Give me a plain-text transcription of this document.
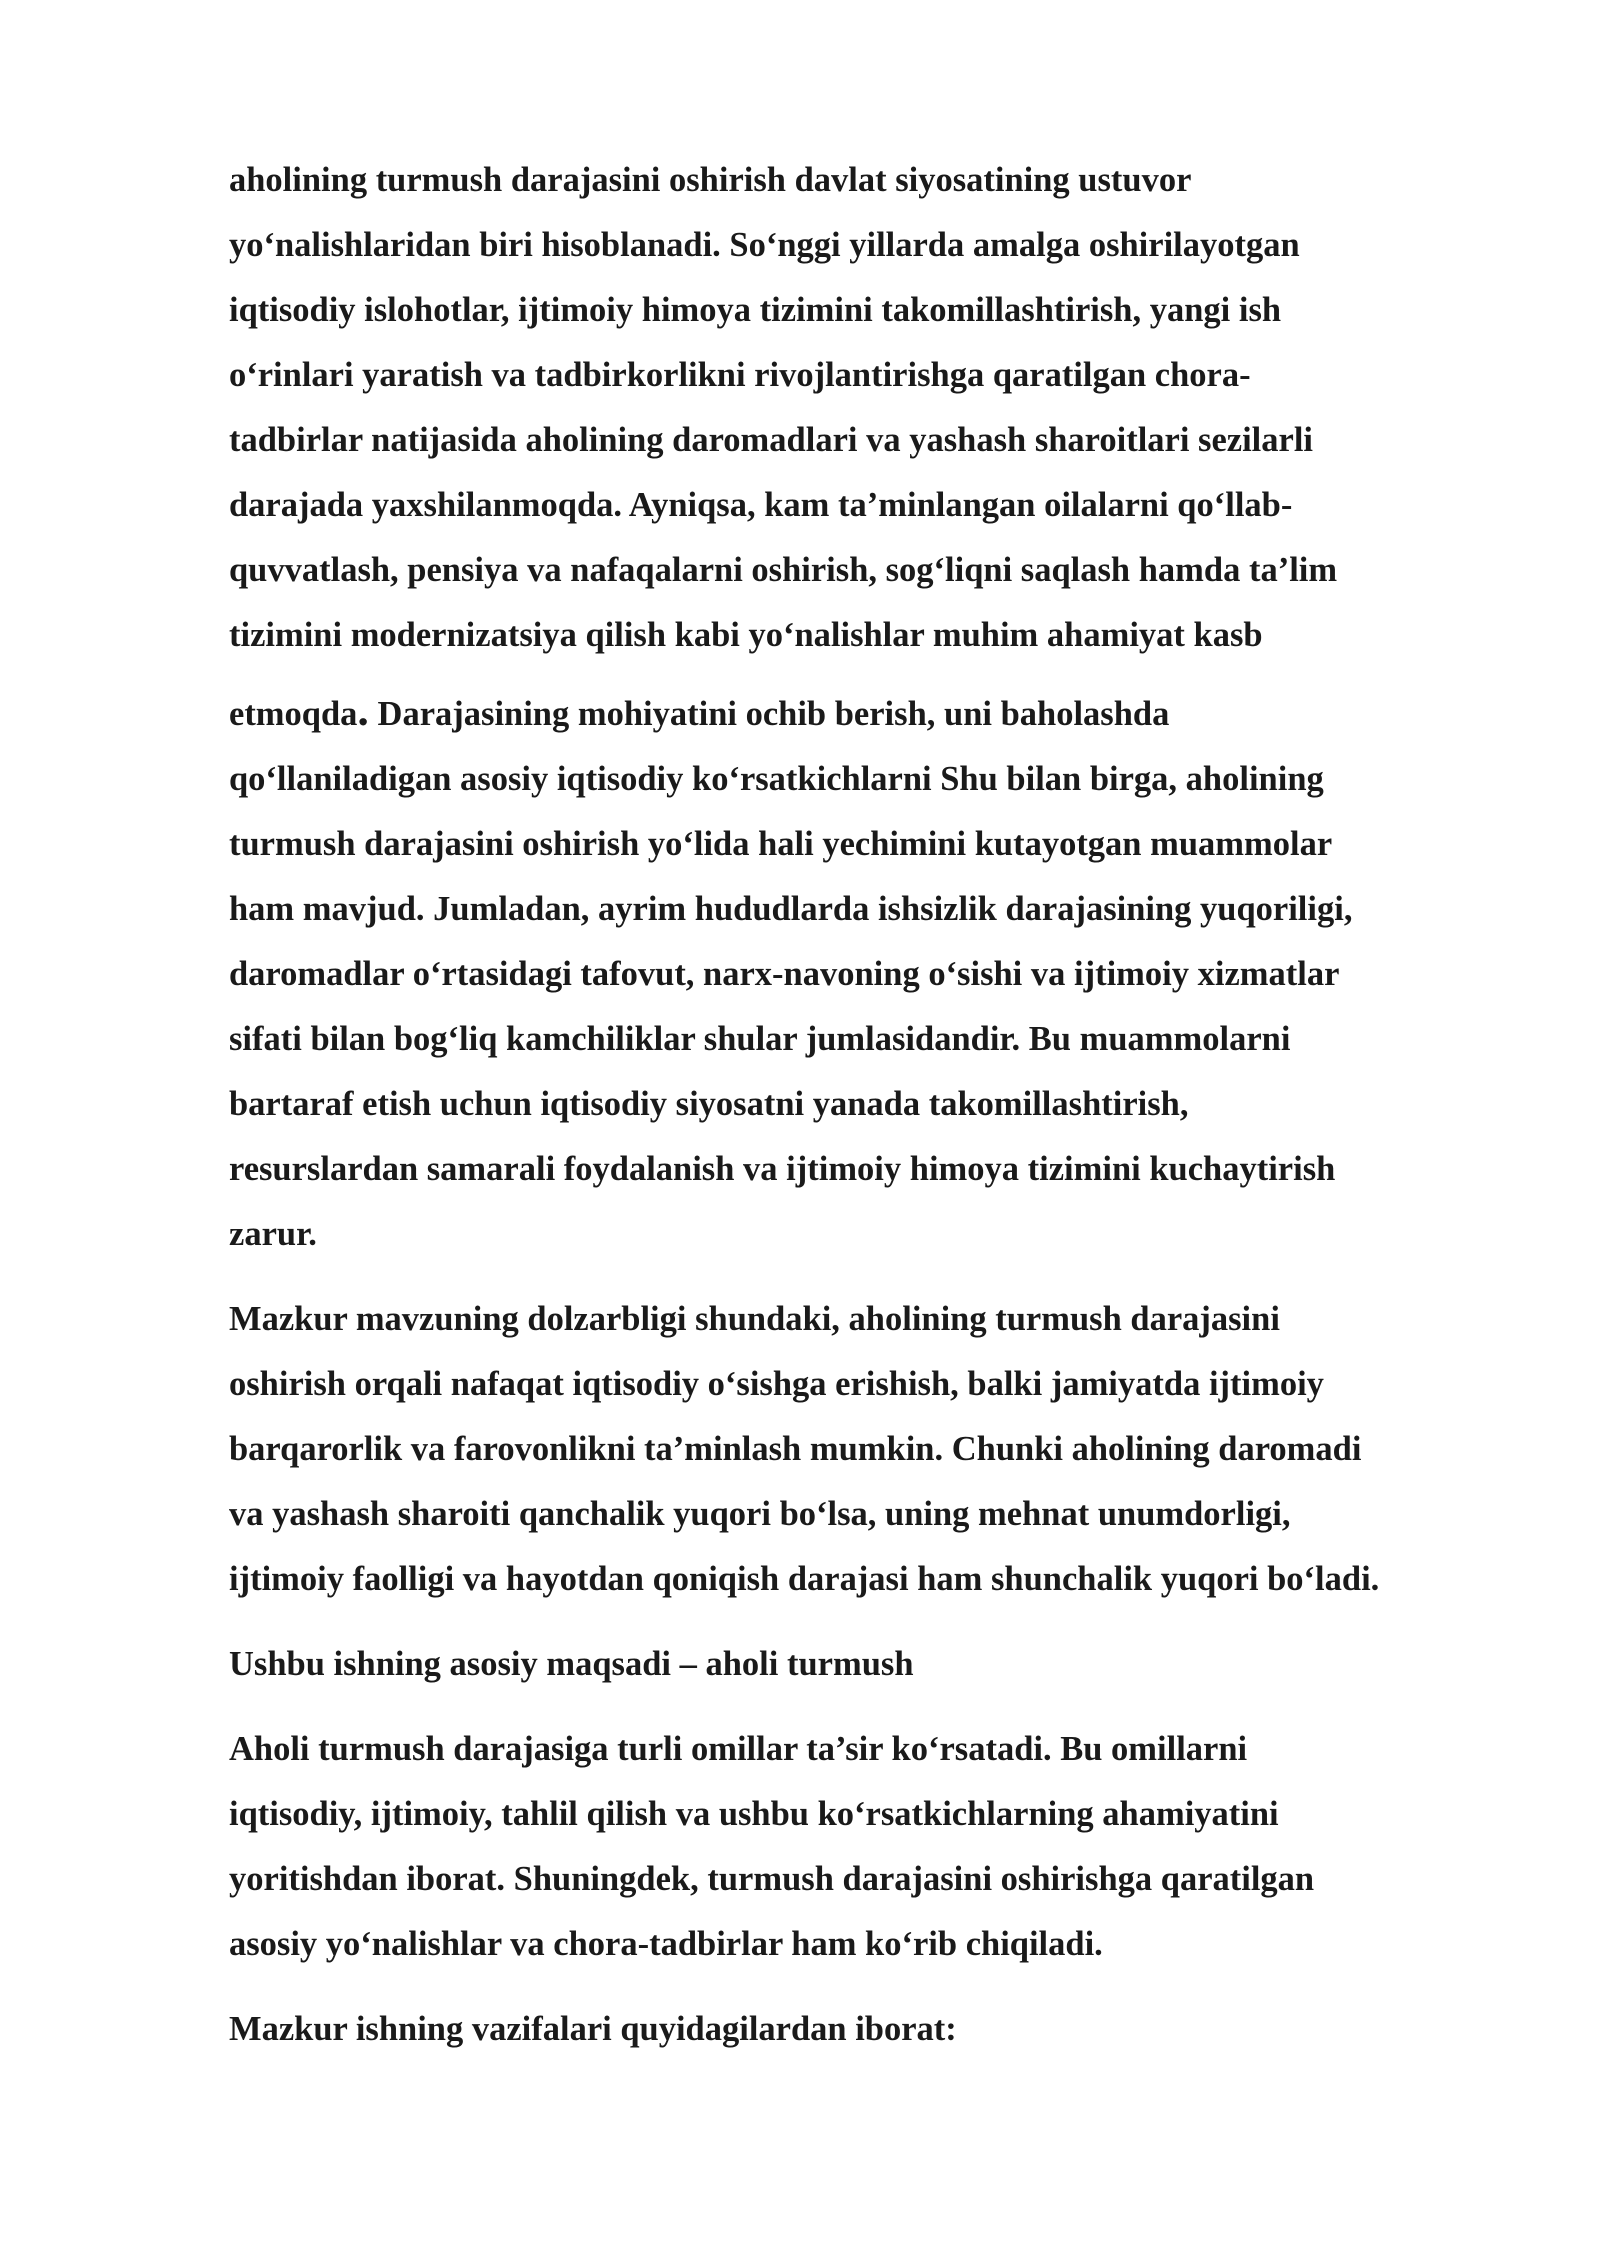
aholining turmush darajasini oshirish davlat siyosatining ustuvor
yo‘nalishlaridan biri hisoblanadi. So‘nggi yillarda amalga oshirilayotgan
iqtisodiy islohotlar, ijtimoiy himoya tizimini takomillashtirish, yangi ish
o‘rinlari yaratish va tadbirkorlikni rivojlantirishga qaratilgan chora-
tadbirlar natijasida aholining daromadlari va yashash sharoitlari sezilarli
darajada yaxshilanmoqda. Ayniqsa, kam ta’minlangan oilalarni qo‘llab-
quvvatlash, pensiya va nafaqalarni oshirish, sog‘liqni saqlash hamda ta’lim
tizimini modernizatsiya qilish kabi yo‘nalishlar muhim ahamiyat kasb
etmoqda. Darajasining mohiyatini ochib berish, uni baholashda
qo‘llaniladigan asosiy iqtisodiy ko‘rsatkichlarni Shu bilan birga, aholining
turmush darajasini oshirish yo‘lida hali yechimini kutayotgan muammolar
ham mavjud. Jumladan, ayrim hududlarda ishsizlik darajasining yuqoriligi,
daromadlar o‘rtasidagi tafovut, narx-navoning o‘sishi va ijtimoiy xizmatlar
sifati bilan bog‘liq kamchiliklar shular jumlasidandir. Bu muammolarni
bartaraf etish uchun iqtisodiy siyosatni yanada takomillashtirish,
resurslardan samarali foydalanish va ijtimoiy himoya tizimini kuchaytirish
zarur.
Mazkur mavzuning dolzarbligi shundaki, aholining turmush darajasini
oshirish orqali nafaqat iqtisodiy o‘sishga erishish, balki jamiyatda ijtimoiy
barqarorlik va farovonlikni ta’minlash mumkin. Chunki aholining daromadi
va yashash sharoiti qanchalik yuqori bo‘lsa, uning mehnat unumdorligi,
ijtimoiy faolligi va hayotdan qoniqish darajasi ham shunchalik yuqori bo‘ladi.
Ushbu ishning asosiy maqsadi – aholi turmush
Aholi turmush darajasiga turli omillar ta’sir ko‘rsatadi. Bu omillarni
iqtisodiy, ijtimoiy, tahlil qilish va ushbu ko‘rsatkichlarning ahamiyatini
yoritishdan iborat. Shuningdek, turmush darajasini oshirishga qaratilgan
asosiy yo‘nalishlar va chora-tadbirlar ham ko‘rib chiqiladi.
Mazkur ishning vazifalari quyidagilardan iborat:
